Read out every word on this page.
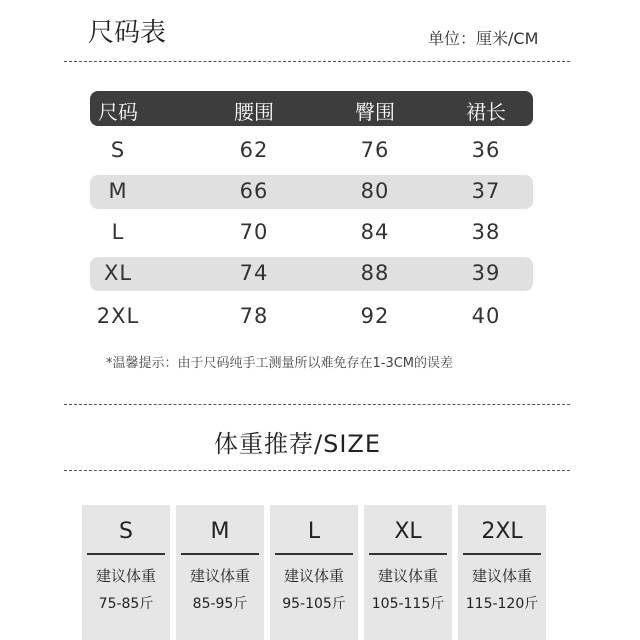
尺码表	单位：厘米/CM
尺码	腰围	臀围	裙长
S	62	76	36
M	66	80	37
L	70	84	38
XL	74	88	39
2XL	78	92	40
*温馨提示：由于尺码纯手工测量所以难免存在1-3CM的误差
体重推荐/SIZE
S
建议体重
75-85斤
M
建议体重
85-95斤
L
建议体重
95-105斤
XL
建议体重
105-115斤
2XL
建议体重
115-120斤
